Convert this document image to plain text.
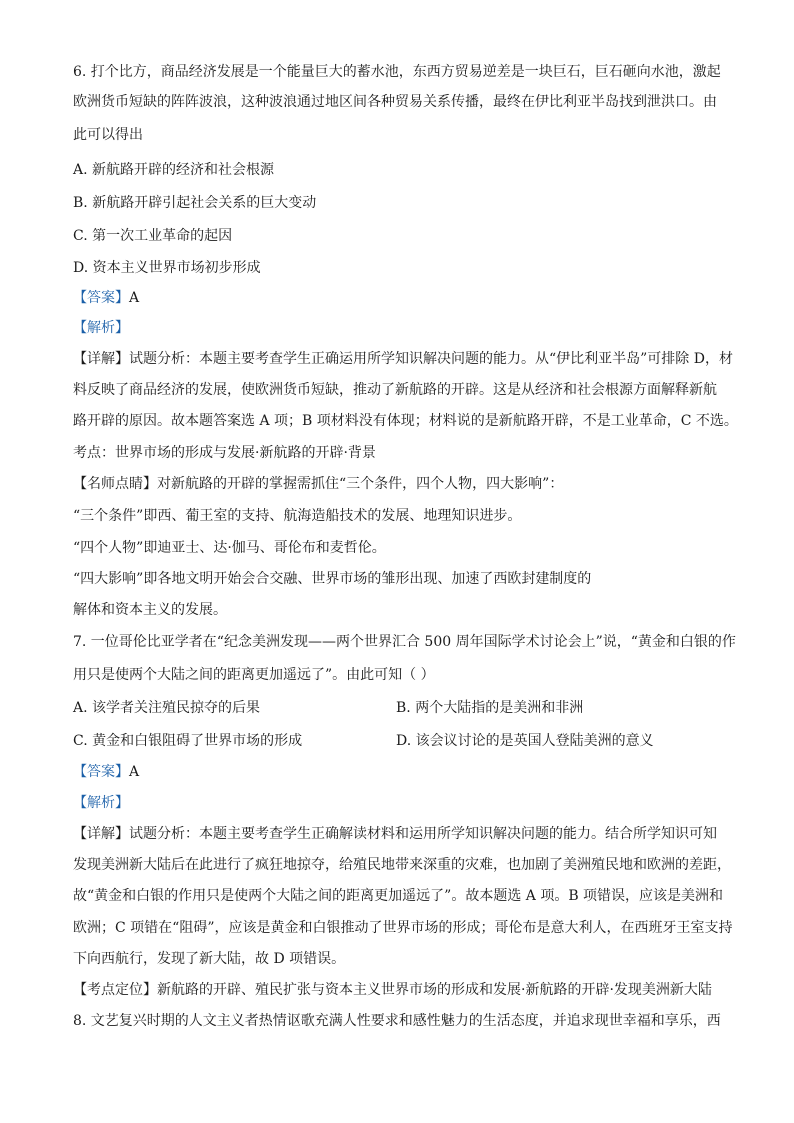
6. 打个比方，商品经济发展是一个能量巨大的蓄水池，东西方贸易逆差是一块巨石，巨石砸向水池，激起
欧洲货币短缺的阵阵波浪，这种波浪通过地区间各种贸易关系传播，最终在伊比利亚半岛找到泄洪口。由
此可以得出
A. 新航路开辟的经济和社会根源
B. 新航路开辟引起社会关系的巨大变动
C. 第一次工业革命的起因
D. 资本主义世界市场初步形成
【答案】A
【解析】
【详解】试题分析：本题主要考查学生正确运用所学知识解决问题的能力。从“伊比利亚半岛”可排除 D，材
料反映了商品经济的发展，使欧洲货币短缺，推动了新航路的开辟。这是从经济和社会根源方面解释新航
路开辟的原因。故本题答案选 A 项；B 项材料没有体现；材料说的是新航路开辟，不是工业革命，C 不选。
考点：世界市场的形成与发展·新航路的开辟·背景
【名师点睛】对新航路的开辟的掌握需抓住“三个条件，四个人物，四大影响”：
“三个条件”即西、葡王室的支持、航海造船技术的发展、地理知识进步。
“四个人物”即迪亚士、达·伽马、哥伦布和麦哲伦。
“四大影响”即各地文明开始会合交融、世界市场的雏形出现、加速了西欧封建制度的
解体和资本主义的发展。
7. 一位哥伦比亚学者在“纪念美洲发现——两个世界汇合 500 周年国际学术讨论会上”说，“黄金和白银的作
用只是使两个大陆之间的距离更加遥远了”。由此可知（ ）
A. 该学者关注殖民掠夺的后果	B. 两个大陆指的是美洲和非洲
C. 黄金和白银阻碍了世界市场的形成	D. 该会议讨论的是英国人登陆美洲的意义
【答案】A
【解析】
【详解】试题分析：本题主要考查学生正确解读材料和运用所学知识解决问题的能力。结合所学知识可知
发现美洲新大陆后在此进行了疯狂地掠夺，给殖民地带来深重的灾难，也加剧了美洲殖民地和欧洲的差距，
故“黄金和白银的作用只是使两个大陆之间的距离更加遥远了”。故本题选 A 项。B 项错误，应该是美洲和
欧洲；C 项错在“阻碍”，应该是黄金和白银推动了世界市场的形成；哥伦布是意大利人，在西班牙王室支持
下向西航行，发现了新大陆，故 D 项错误。
【考点定位】新航路的开辟、殖民扩张与资本主义世界市场的形成和发展·新航路的开辟·发现美洲新大陆
8. 文艺复兴时期的人文主义者热情讴歌充满人性要求和感性魅力的生活态度，并追求现世幸福和享乐，西
